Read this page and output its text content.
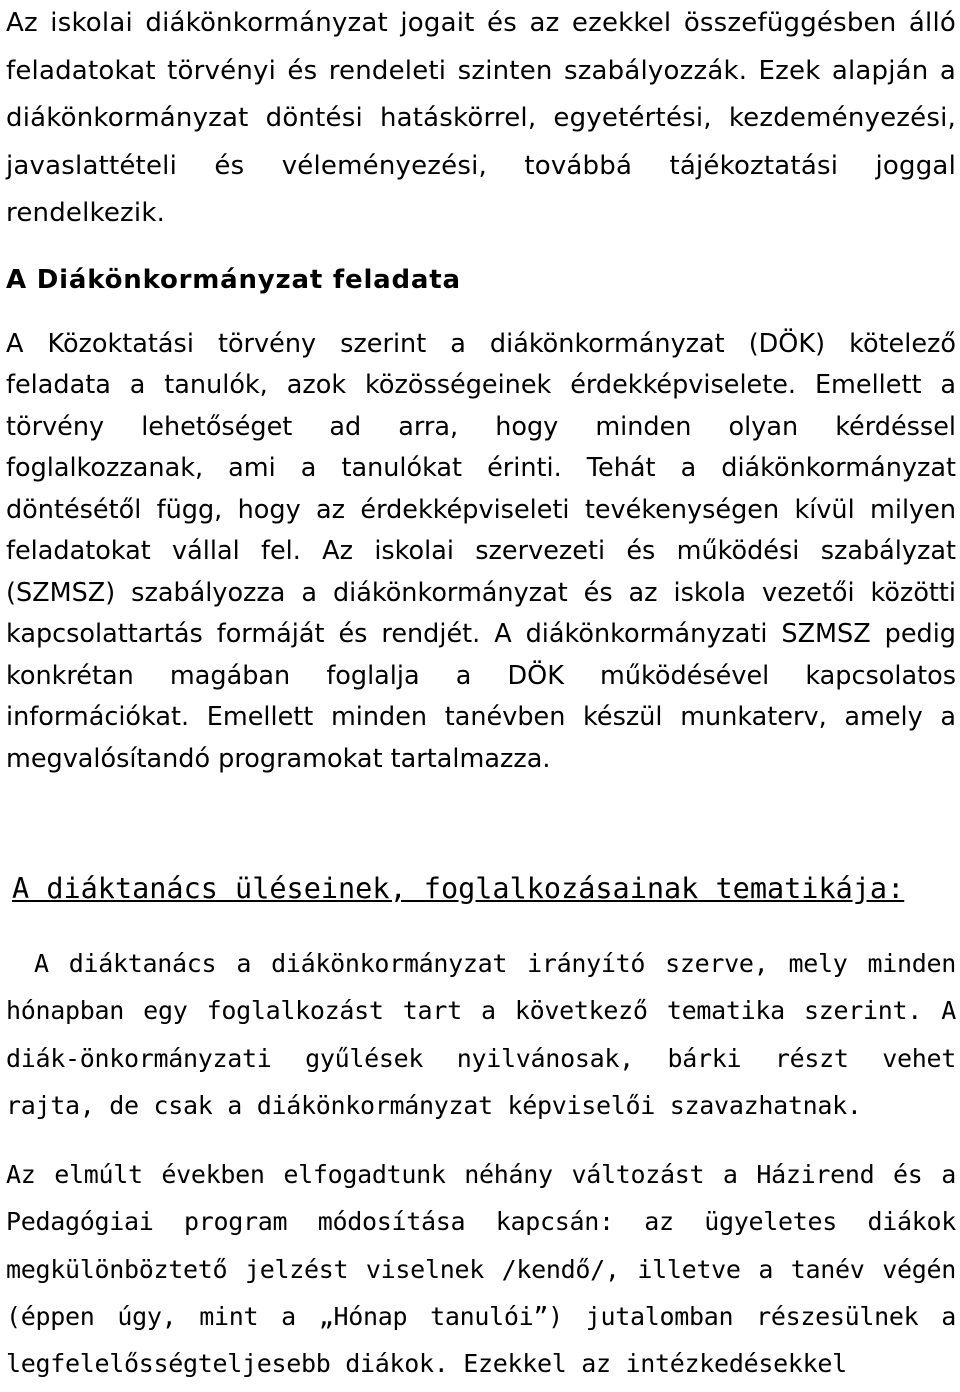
Az iskolai diákönkormányzat jogait és az ezekkel összefüggésben álló feladatokat törvényi és rendeleti szinten szabályozzák. Ezek alapján a diákönkormányzat döntési hatáskörrel, egyetértési, kezdeményezési, javaslattételi és véleményezési, továbbá tájékoztatási joggal rendelkezik.

A Diákönkormányzat feladata

A Közoktatási törvény szerint a diákönkormányzat (DÖK) kötelező feladata a tanulók, azok közösségeinek érdekképviselete. Emellett a törvény lehetőséget ad arra, hogy minden olyan kérdéssel foglalkozzanak, ami a tanulókat érinti. Tehát a diákönkormányzat döntésétől függ, hogy az érdekképviseleti tevékenységen kívül milyen feladatokat vállal fel. Az iskolai szervezeti és működési szabályzat (SZMSZ) szabályozza a diákönkormányzat és az iskola vezetői közötti kapcsolattartás formáját és rendjét. A diákönkormányzati SZMSZ pedig konkrétan magában foglalja a DÖK működésével kapcsolatos információkat. Emellett minden tanévben készül munkaterv, amely a megvalósítandó programokat tartalmazza.

A diáktanács üléseinek, foglalkozásainak tematikája:

A diáktanács a diákönkormányzat irányító szerve, mely minden hónapban egy foglalkozást tart a következő tematika szerint. A diák-önkormányzati gyűlések nyilvánosak, bárki részt vehet rajta, de csak a diákönkormányzat képviselői szavazhatnak.

Az elmúlt években elfogadtunk néhány változást a Házirend és a Pedagógiai program módosítása kapcsán: az ügyeletes diákok megkülönböztető jelzést viselnek /kendő/, illetve a tanév végén (éppen úgy, mint a „Hónap tanulói”) jutalomban részesülnek a legfelelősségteljesebb diákok. Ezekkel az intézkedésekkel
